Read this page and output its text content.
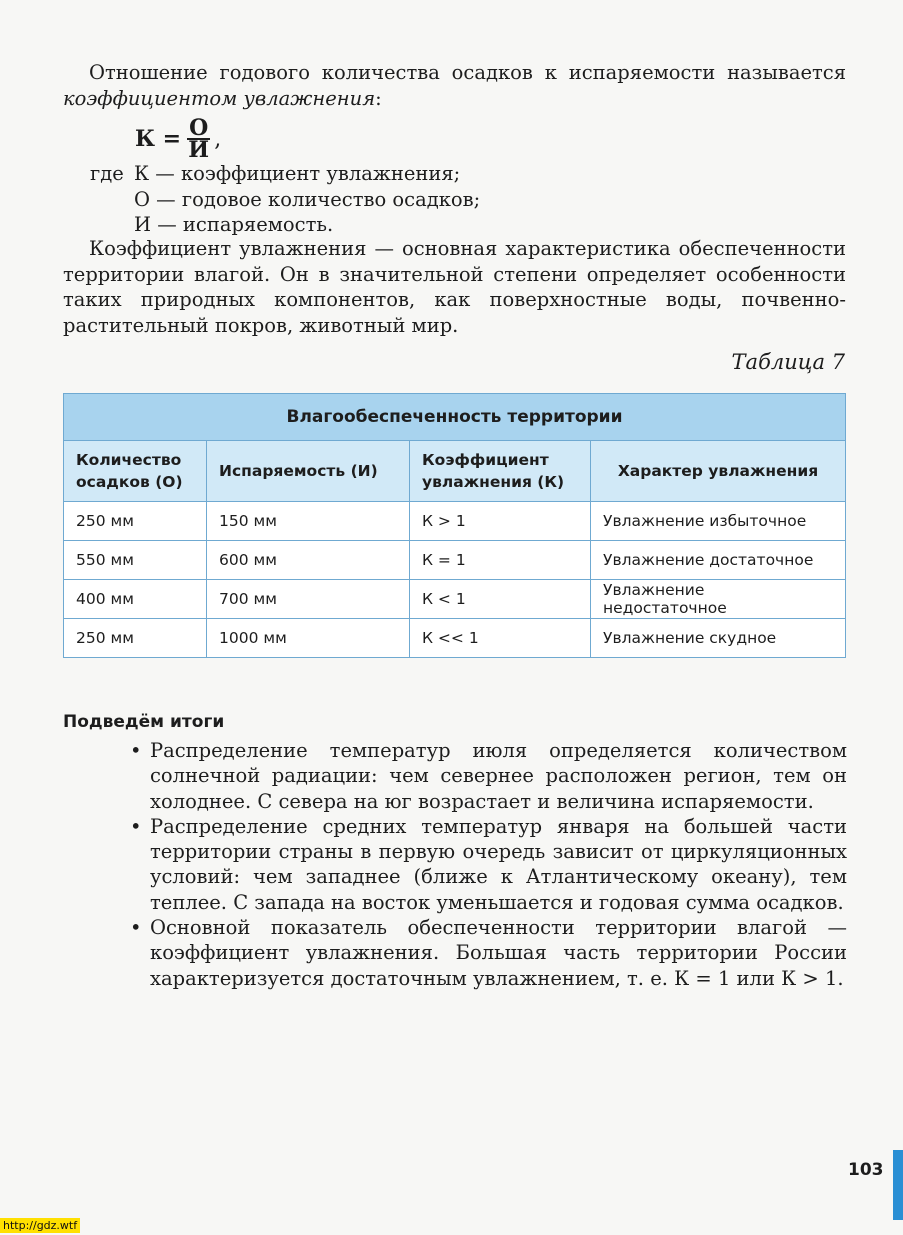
Отношение годового количества осадков к испаряемости называется коэффициентом увлажнения:
$К = \frac{О}{И}$ ,
где К — коэффициент увлажнения;
О — годовое количество осадков;
И — испаряемость.
Коэффициент увлажнения — основная характеристика обеспеченности территории влагой. Он в значительной степени определяет особенности таких природных компонентов, как поверхностные воды, почвенно-растительный покров, животный мир.
Таблица 7
Влагообеспеченность территории			
Количество осадков (О)	Испаряемость (И)	Коэффициент увлажнения (К)	Характер увлажнения
250 мм	150 мм	К > 1	Увлажнение избыточное
550 мм	600 мм	К = 1	Увлажнение достаточное
400 мм	700 мм	К < 1	Увлажнение недостаточное
250 мм	1000 мм	К << 1	Увлажнение скудное
Подведём итоги
• Распределение температур июля определяется количеством солнечной радиации: чем севернее расположен регион, тем он холоднее. С севера на юг возрастает и величина испаряемости.
• Распределение средних температур января на большей части территории страны в первую очередь зависит от циркуляционных условий: чем западнее (ближе к Атлантическому океану), тем теплее. С запада на восток уменьшается и годовая сумма осадков.
• Основной показатель обеспеченности территории влагой — коэффициент увлажнения. Большая часть территории России характеризуется достаточным увлажнением, т. е. К = 1 или К > 1.
103
http://gdz.wtf
